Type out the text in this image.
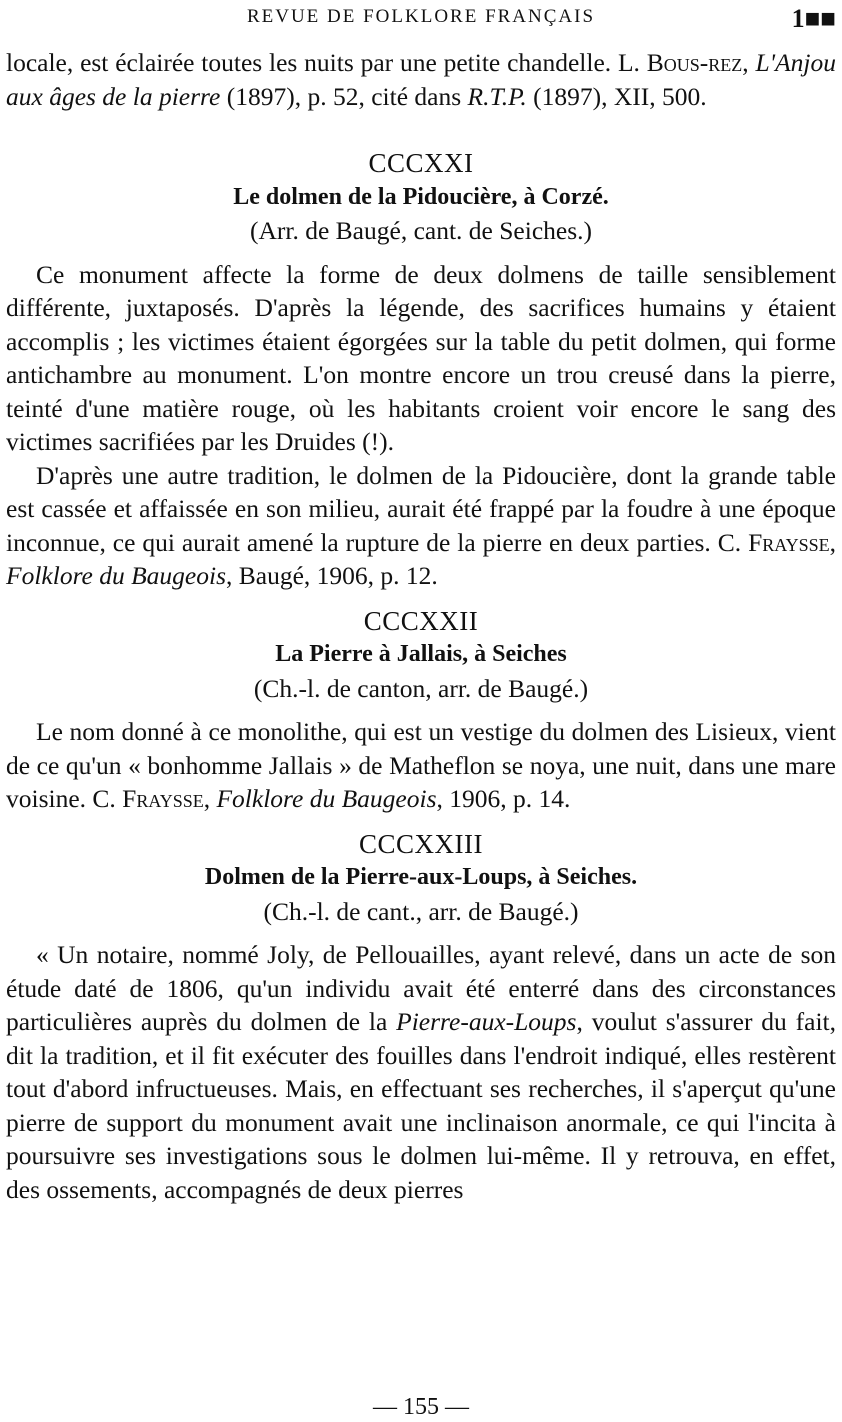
REVUE DE FOLKLORE FRANÇAIS	1■■

locale, est éclairée toutes les nuits par une petite chandelle. L. Bous-rez, L'Anjou aux âges de la pierre (1897), p. 52, cité dans R.T.P. (1897), XII, 500.

CCCXXI

Le dolmen de la Pidoucière, à Corzé.

(Arr. de Baugé, cant. de Seiches.)

Ce monument affecte la forme de deux dolmens de taille sensiblement différente, juxtaposés. D'après la légende, des sacrifices humains y étaient accomplis ; les victimes étaient égorgées sur la table du petit dolmen, qui forme antichambre au monument. L'on montre encore un trou creusé dans la pierre, teinté d'une matière rouge, où les habitants croient voir encore le sang des victimes sacrifiées par les Druides (!).

D'après une autre tradition, le dolmen de la Pidoucière, dont la grande table est cassée et affaissée en son milieu, aurait été frappé par la foudre à une époque inconnue, ce qui aurait amené la rupture de la pierre en deux parties. C. Fraysse, Folklore du Baugeois, Baugé, 1906, p. 12.

CCCXXII

La Pierre à Jallais, à Seiches

(Ch.-l. de canton, arr. de Baugé.)

Le nom donné à ce monolithe, qui est un vestige du dolmen des Lisieux, vient de ce qu'un « bonhomme Jallais » de Matheflon se noya, une nuit, dans une mare voisine. C. Fraysse, Folklore du Baugeois, 1906, p. 14.

CCCXXIII

Dolmen de la Pierre-aux-Loups, à Seiches.

(Ch.-l. de cant., arr. de Baugé.)

« Un notaire, nommé Joly, de Pellouailles, ayant relevé, dans un acte de son étude daté de 1806, qu'un individu avait été enterré dans des circonstances particulières auprès du dolmen de la Pierre-aux-Loups, voulut s'assurer du fait, dit la tradition, et il fit exécuter des fouilles dans l'endroit indiqué, elles restèrent tout d'abord infructueuses. Mais, en effectuant ses recherches, il s'aperçut qu'une pierre de support du monument avait une inclinaison anormale, ce qui l'incita à poursuivre ses investigations sous le dolmen lui-même. Il y retrouva, en effet, des ossements, accompagnés de deux pierres

— 155 —
